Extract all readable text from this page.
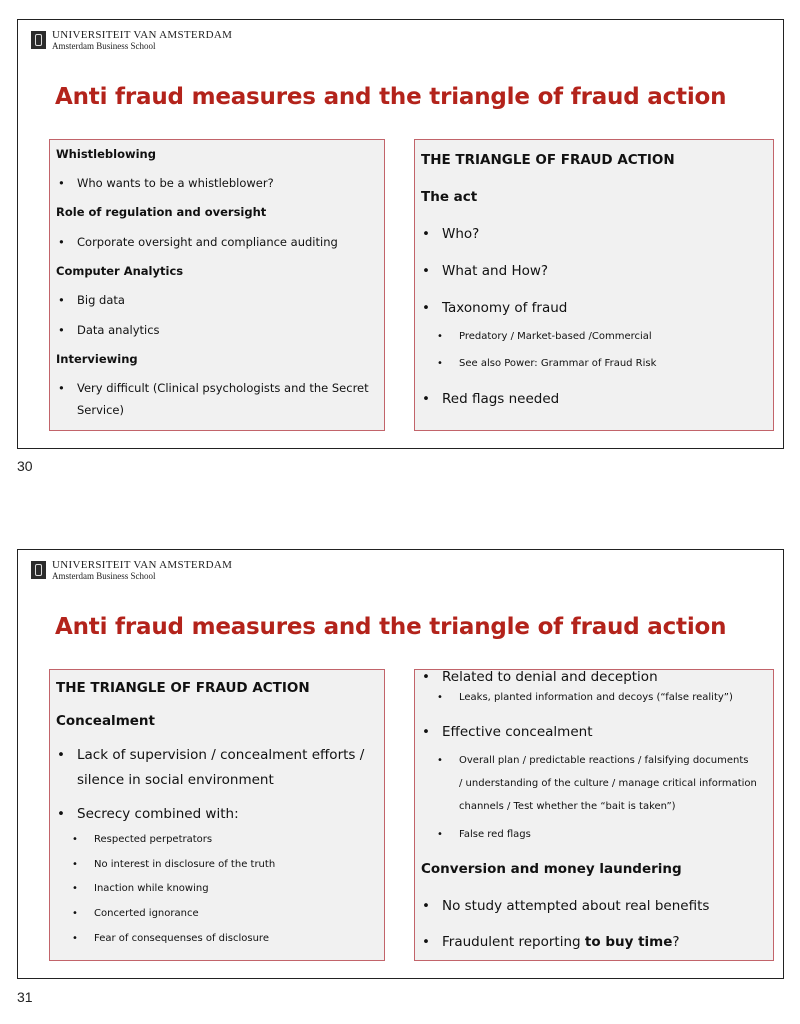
UNIVERSITEIT VAN AMSTERDAM
Amsterdam Business School
Anti fraud measures and the triangle of fraud action
Whistleblowing
• Who wants to be a whistleblower?
Role of regulation and oversight
• Corporate oversight and compliance auditing
Computer Analytics
• Big data
• Data analytics
Interviewing
• Very difficult (Clinical psychologists and the Secret
Service)
THE TRIANGLE OF FRAUD ACTION
The act
• Who?
• What and How?
• Taxonomy of fraud
• Predatory / Market-based /Commercial
• See also Power: Grammar of Fraud Risk
• Red flags needed
30
UNIVERSITEIT VAN AMSTERDAM
Amsterdam Business School
Anti fraud measures and the triangle of fraud action
THE TRIANGLE OF FRAUD ACTION
Concealment
• Lack of supervision / concealment efforts /
silence in social environment
• Secrecy combined with:
• Respected perpetrators
• No interest in disclosure of the truth
• Inaction while knowing
• Concerted ignorance
• Fear of consequenses of disclosure
• Related to denial and deception
• Leaks, planted information and decoys (“false reality”)
• Effective concealment
• Overall plan / predictable reactions / falsifying documents
/ understanding of the culture / manage critical information
channels / Test whether the “bait is taken”)
• False red flags
Conversion and money laundering
• No study attempted about real benefits
• Fraudulent reporting to buy time?
31
